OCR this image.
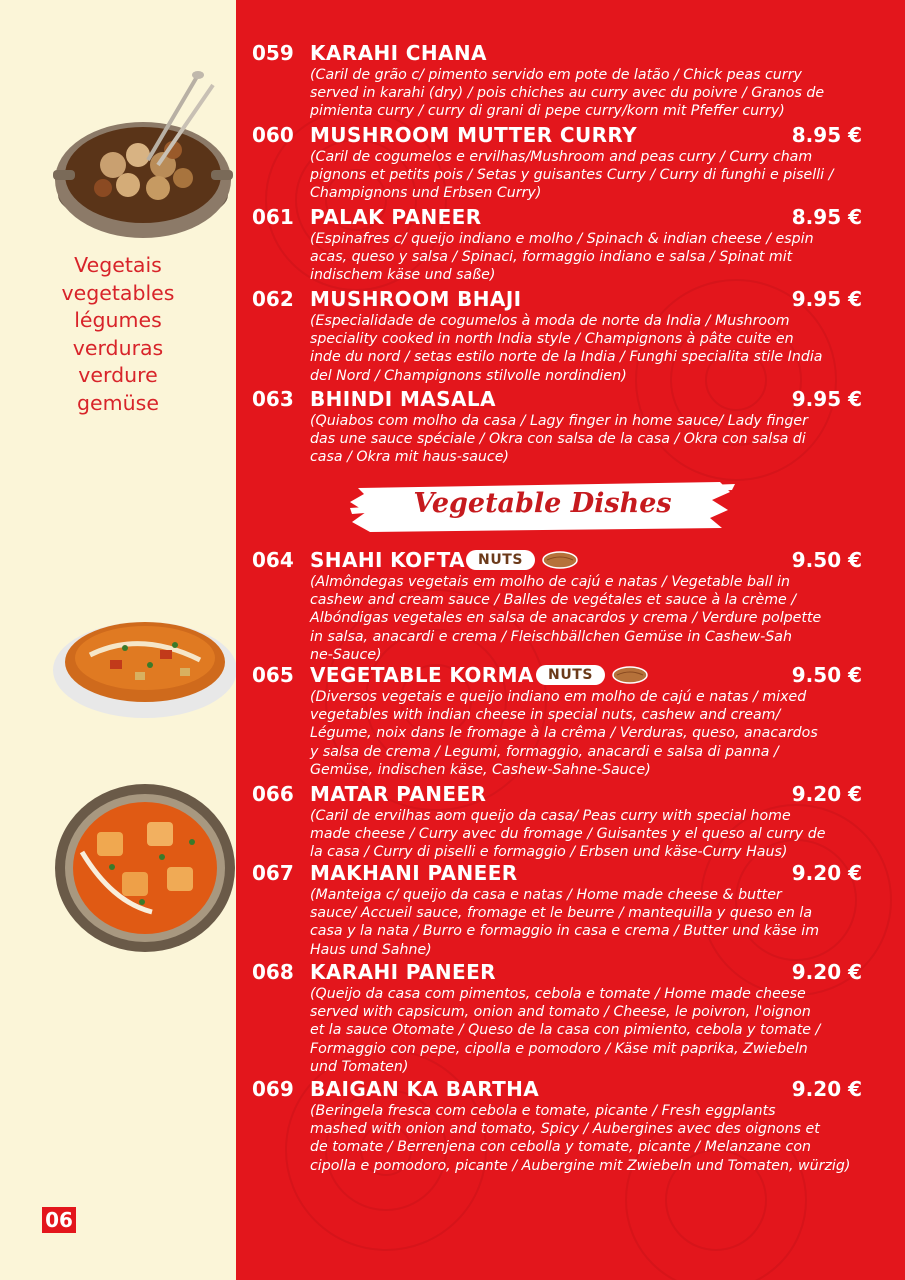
Vegetais
vegetables
légumes
verduras
verdure
gemüse
06
Vegetable Dishes
059 KARAHI CHANA
(Caril de grão c/ pimento servido em pote de latão / Chick peas curry
served in karahi (dry) / pois chiches au curry avec du poivre / Granos de
pimienta curry / curry di grani di pepe curry/korn mit Pfeffer curry)
060 MUSHROOM MUTTER CURRY	8.95 €
(Caril de cogumelos e ervilhas/Mushroom and peas curry / Curry cham
pignons et petits pois / Setas y guisantes Curry / Curry di funghi e piselli /
Champignons und Erbsen Curry)
061 PALAK PANEER	8.95 €
(Espinafres c/ queijo indiano e molho / Spinach & indian cheese / espin
acas, queso y salsa / Spinaci, formaggio indiano e salsa / Spinat mit
indischem käse und saße)
062 MUSHROOM BHAJI	9.95 €
(Especialidade de cogumelos à moda de norte da India / Mushroom
speciality cooked in north India style / Champignons à pâte cuite en
inde du nord / setas estilo norte de la India / Funghi specialita stile India
del Nord / Champignons stilvolle nordindien)
063 BHINDI MASALA	9.95 €
(Quiabos com molho da casa / Lagy finger in home sauce/ Lady finger
das une sauce spéciale / Okra con salsa de la casa / Okra con salsa di
casa / Okra mit haus-sauce)
064 SHAHI KOFTA NUTS	9.50 €
(Almôndegas vegetais em molho de cajú e natas / Vegetable ball in
cashew and cream sauce / Balles de vegétales et sauce à la crème /
Albóndigas vegetales en salsa de anacardos y crema / Verdure polpette
in salsa, anacardi e crema / Fleischbällchen Gemüse in Cashew-Sah
ne-Sauce)
065 VEGETABLE KORMA	NUTS	9.50 €
(Diversos vegetais e queijo indiano em molho de cajú e natas / mixed
vegetables with indian cheese in special nuts, cashew and cream/
Légume, noix dans le fromage à la crêma / Verduras, queso, anacardos
y salsa de crema / Legumi, formaggio, anacardi e salsa di panna /
Gemüse, indischen käse, Cashew-Sahne-Sauce)
066 MATAR PANEER	9.20 €
(Caril de ervilhas aom queijo da casa/ Peas curry with special home
made cheese / Curry avec du fromage / Guisantes y el queso al curry de
la casa / Curry di piselli e formaggio / Erbsen und käse-Curry Haus)
067 MAKHANI PANEER	9.20 €
(Manteiga c/ queijo da casa e natas / Home made cheese & butter
sauce/ Accueil sauce, fromage et le beurre / mantequilla y queso en la
casa y la nata / Burro e formaggio in casa e crema / Butter und käse im
Haus und Sahne)
068 KARAHI PANEER	9.20 €
(Queijo da casa com pimentos, cebola e tomate / Home made cheese
served with capsicum, onion and tomato / Cheese, le poivron, l'oignon
et la sauce Otomate / Queso de la casa con pimiento, cebola y tomate /
Formaggio con pepe, cipolla e pomodoro / Käse mit paprika, Zwiebeln
und Tomaten)
069 BAIGAN KA BARTHA	9.20 €
(Beringela fresca com cebola e tomate, picante / Fresh eggplants
mashed with onion and tomato, Spicy / Aubergines avec des oignons et
de tomate / Berrenjena con cebolla y tomate, picante / Melanzane con
cipolla e pomodoro, picante / Aubergine mit Zwiebeln und Tomaten, würzig)
